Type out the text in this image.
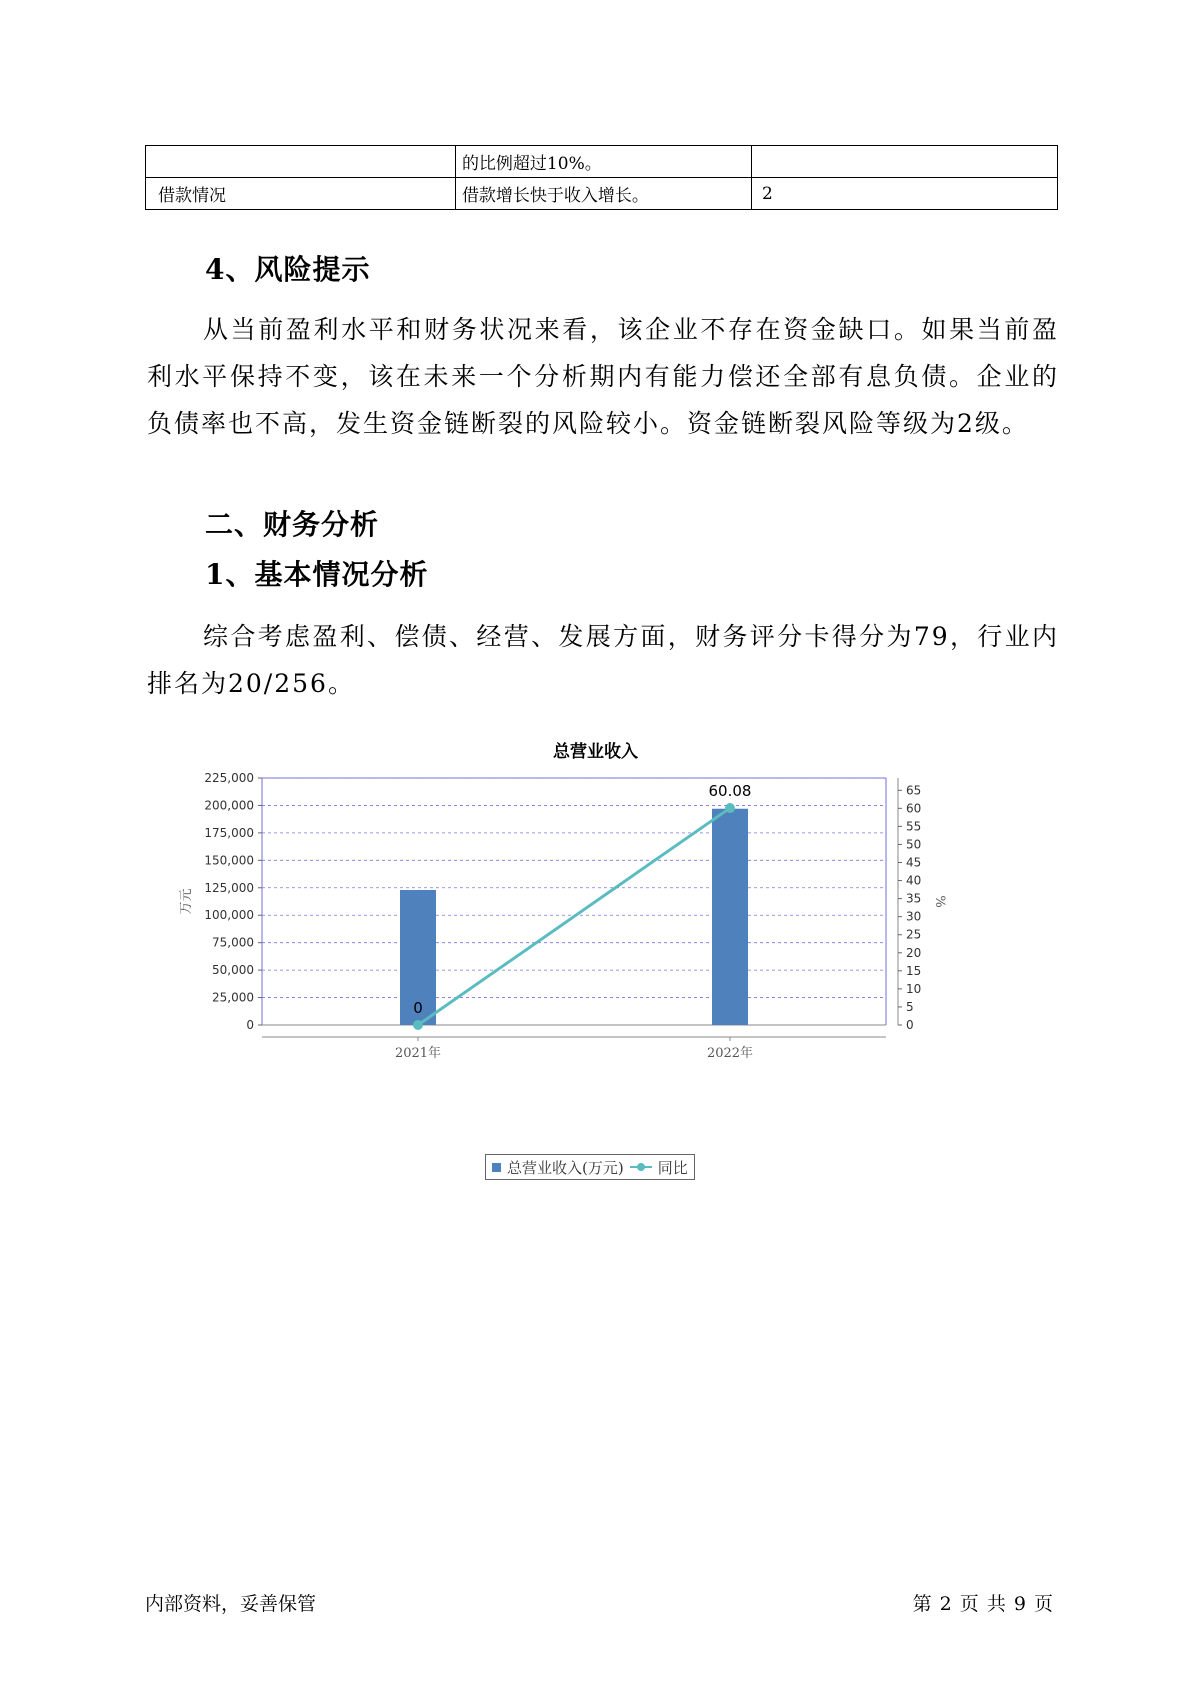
	的比例超过10%。	
借款情况	借款增长快于收入增长。	2
4、风险提示

从当前盈利水平和财务状况来看，该企业不存在资金缺口。如果当前盈利水平保持不变，该在未来一个分析期内有能力偿还全部有息负债。企业的负债率也不高，发生资金链断裂的风险较小。资金链断裂风险等级为2级。

二、财务分析
1、基本情况分析

综合考虑盈利、偿债、经营、发展方面，财务评分卡得分为79，行业内排名为20/256。

总营业收入
0
25,000
50,000
75,000
100,000
125,000
150,000
175,000
200,000
225,000
0
5
10
15
20
25
30
35
40
45
50
55
60
65
0
60.08
2021年	2022年
万元	%
总营业收入(万元) 同比
内部资料，妥善保管	第 2 页 共 9 页
